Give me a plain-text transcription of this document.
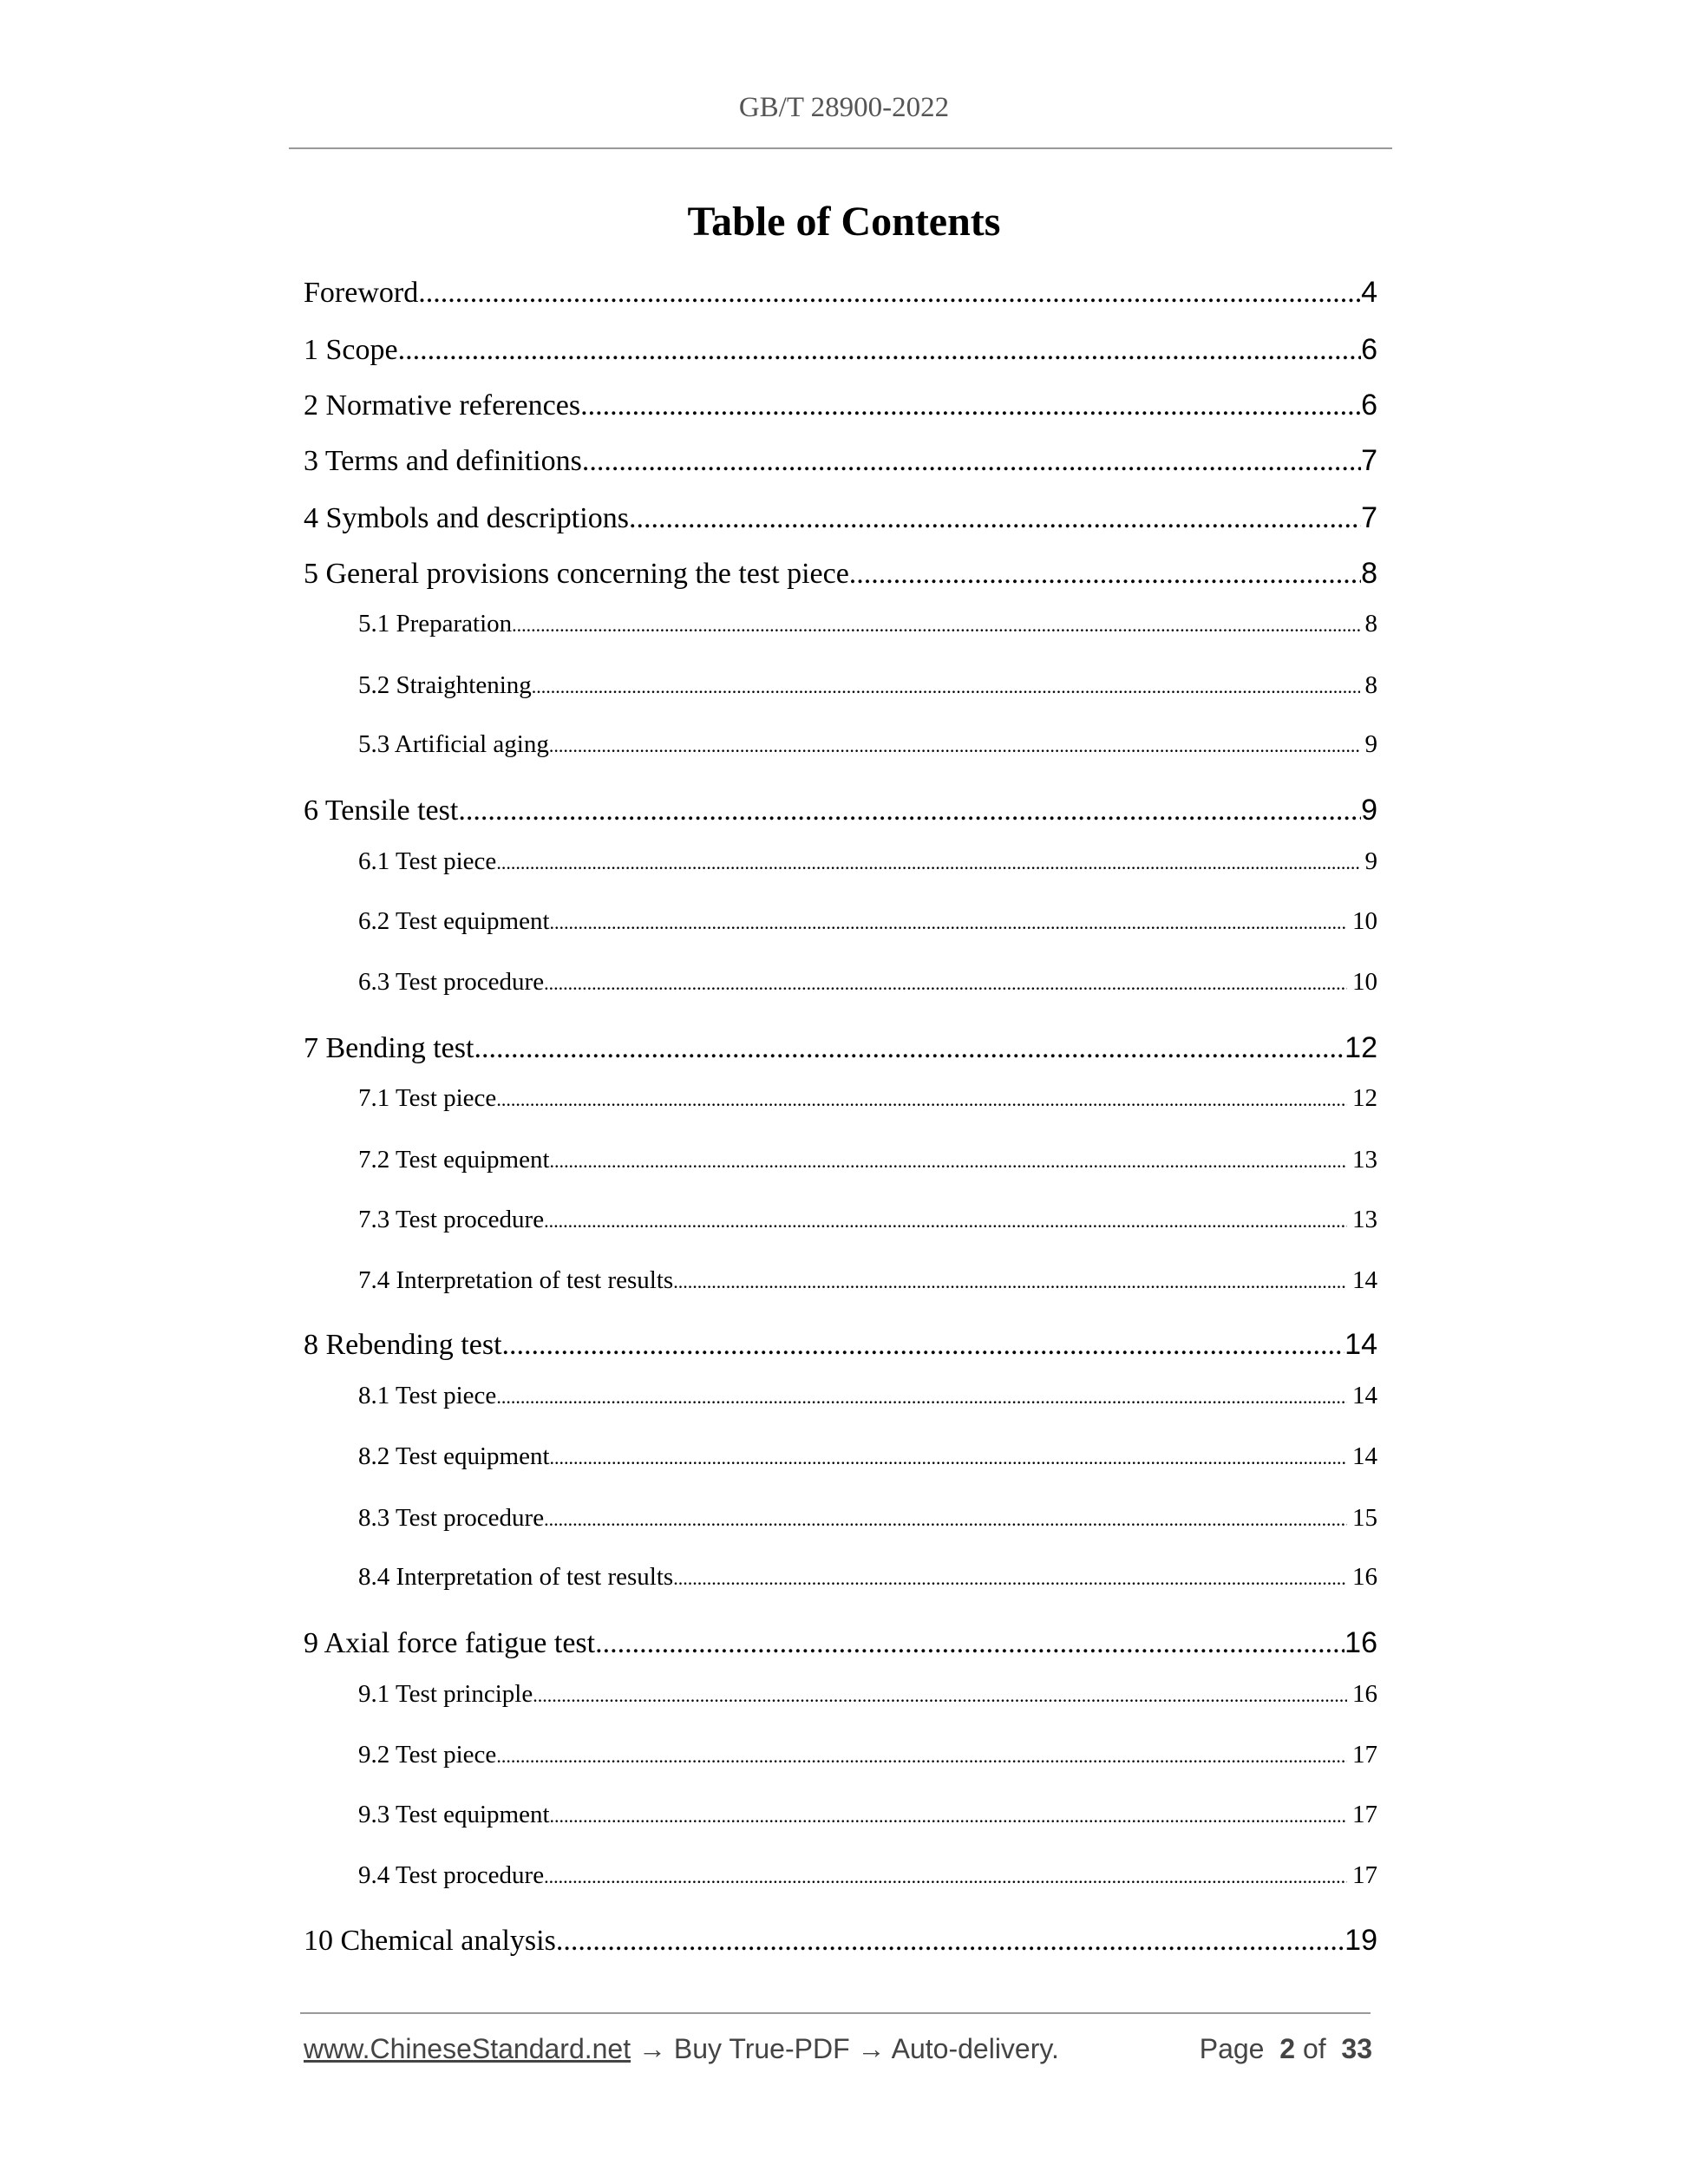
GB/T 28900-2022
Table of Contents
Foreword .....	4
1 Scope .....	6
2 Normative references .....	6
3 Terms and definitions .....	7
4 Symbols and descriptions .....	7
5 General provisions concerning the test piece .....	8
5.1 Preparation .....	8
5.2 Straightening .....	8
5.3 Artificial aging .....	9
6 Tensile test .....	9
6.1 Test piece .....	9
6.2 Test equipment .....	10
6.3 Test procedure .....	10
7 Bending test .....	12
7.1 Test piece .....	12
7.2 Test equipment .....	13
7.3 Test procedure .....	13
7.4 Interpretation of test results .....	14
8 Rebending test .....	14
8.1 Test piece .....	14
8.2 Test equipment .....	14
8.3 Test procedure .....	15
8.4 Interpretation of test results .....	16
9 Axial force fatigue test .....	16
9.1 Test principle .....	16
9.2 Test piece .....	17
9.3 Test equipment .....	17
9.4 Test procedure .....	17
10 Chemical analysis .....	19
www.ChineseStandard.net → Buy True-PDF → Auto-delivery.	Page  2 of  33
